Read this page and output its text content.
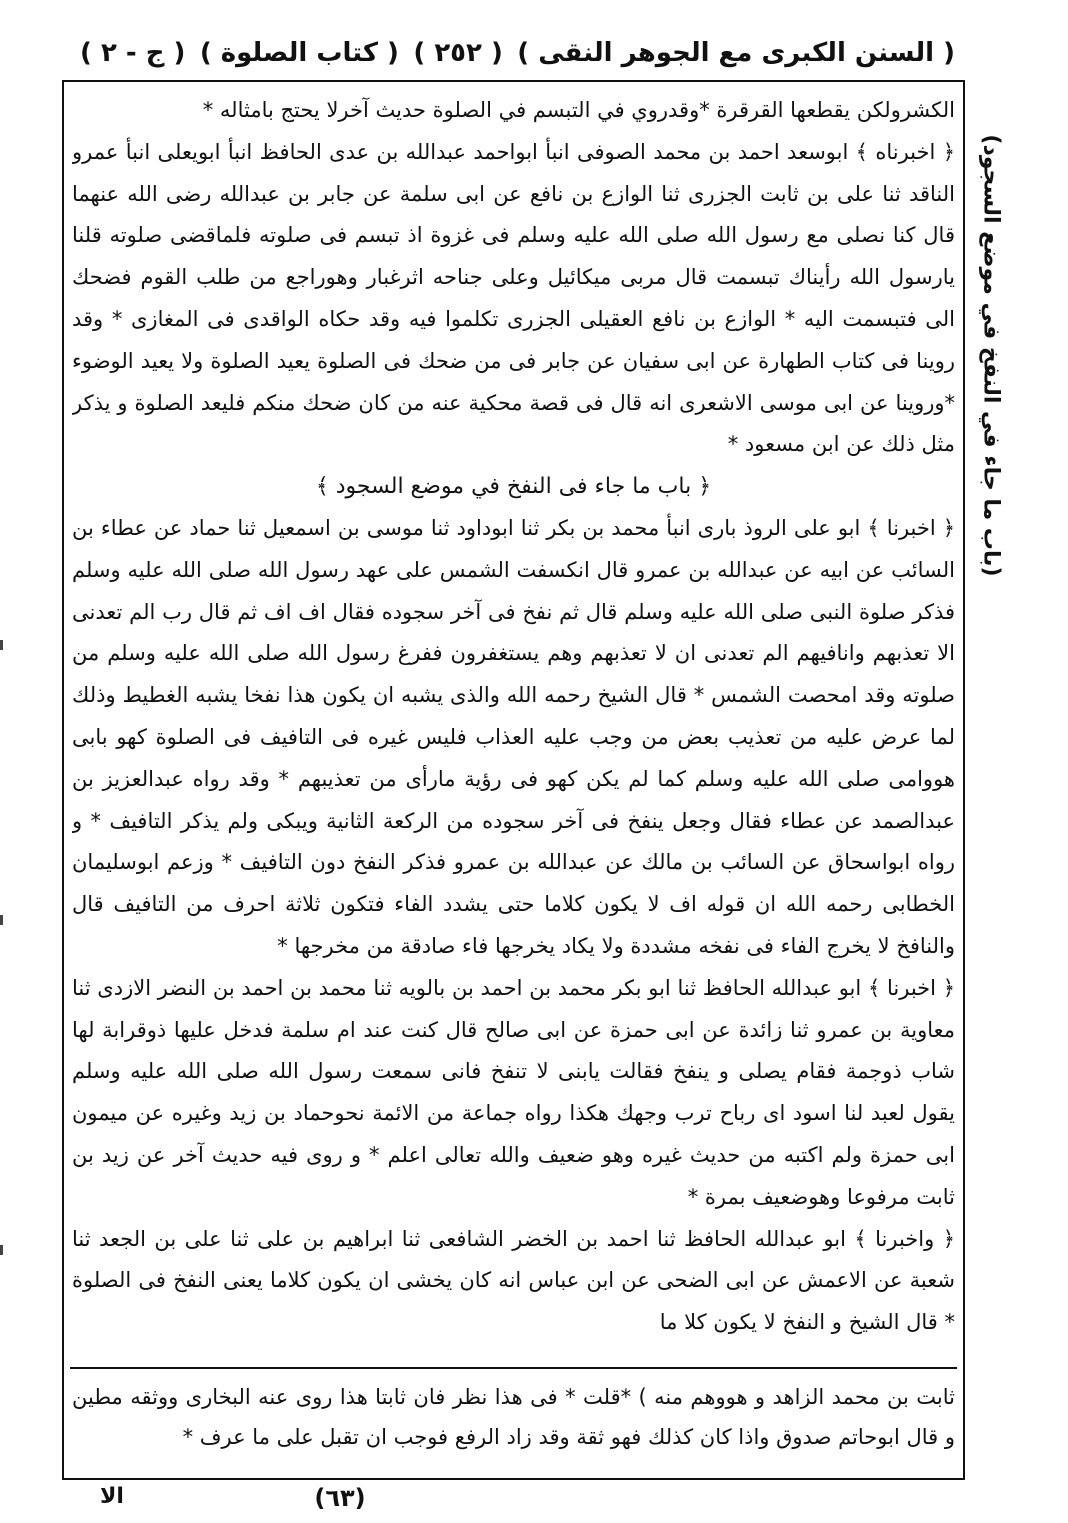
( السنن الكبرى مع الجوهر النقى )
( ٢٥٢ )
( كتاب الصلوة )
( ج - ٢ )

الكشرولكن يقطعها القرقرة *وقدروي في التبسم في الصلوة حديث آخرلا يحتج بامثاله *

﴿ اخبرناه ﴾ ابوسعد احمد بن محمد الصوفى انبأ ابواحمد عبدالله بن عدى الحافظ انبأ ابويعلى انبأ عمرو الناقد ثنا على بن ثابت الجزرى ثنا الوازع بن نافع عن ابى سلمة عن جابر بن عبدالله رضى الله عنهما قال كنا نصلى مع رسول الله صلى الله عليه وسلم فى غزوة اذ تبسم فى صلوته فلماقضى صلوته قلنا يارسول الله رأيناك تبسمت قال مربى ميكائيل وعلى جناحه اثرغبار وهوراجع من طلب القوم فضحك الى فتبسمت اليه * الوازع بن نافع العقيلى الجزرى تكلموا فيه وقد حكاه الواقدى فى المغازى * وقد روينا فى كتاب الطهارة عن ابى سفيان عن جابر فى من ضحك فى الصلوة يعيد الصلوة ولا يعيد الوضوء *وروينا عن ابى موسى الاشعرى انه قال فى قصة محكية عنه من كان ضحك منكم فليعد الصلوة و يذكر مثل ذلك عن ابن مسعود *

﴿ باب ما جاء فى النفخ في موضع السجود ﴾

﴿ اخبرنا ﴾ ابو على الروذ بارى انبأ محمد بن بكر ثنا ابوداود ثنا موسى بن اسمعيل ثنا حماد عن عطاء بن السائب عن ابيه عن عبدالله بن عمرو قال انكسفت الشمس على عهد رسول الله صلى الله عليه وسلم فذكر صلوة النبى صلى الله عليه وسلم قال ثم نفخ فى آخر سجوده فقال اف اف ثم قال رب الم تعدنى الا تعذبهم وانافيهم الم تعدنى ان لا تعذبهم وهم يستغفرون ففرغ رسول الله صلى الله عليه وسلم من صلوته وقد امحصت الشمس * قال الشيخ رحمه الله والذى يشبه ان يكون هذا نفخا يشبه الغطيط وذلك لما عرض عليه من تعذيب بعض من وجب عليه العذاب فليس غيره فى التافيف فى الصلوة كهو بابى هووامى صلى الله عليه وسلم كما لم يكن كهو فى رؤية مارأى من تعذيبهم * وقد رواه عبدالعزيز بن عبدالصمد عن عطاء فقال وجعل ينفخ فى آخر سجوده من الركعة الثانية ويبكى ولم يذكر التافيف * و رواه ابواسحاق عن السائب بن مالك عن عبدالله بن عمرو فذكر النفخ دون التافيف * وزعم ابوسليمان الخطابى رحمه الله ان قوله اف لا يكون كلاما حتى يشدد الفاء فتكون ثلاثة احرف من التافيف قال والنافخ لا يخرج الفاء فى نفخه مشددة ولا يكاد يخرجها فاء صادقة من مخرجها *

﴿ اخبرنا ﴾ ابو عبدالله الحافظ ثنا ابو بكر محمد بن احمد بن بالويه ثنا محمد بن احمد بن النضر الازدى ثنا معاوية بن عمرو ثنا زائدة عن ابى حمزة عن ابى صالح قال كنت عند ام سلمة فدخل عليها ذوقرابة لها شاب ذوجمة فقام يصلى و ينفخ فقالت يابنى لا تنفخ فانى سمعت رسول الله صلى الله عليه وسلم يقول لعبد لنا اسود اى رباح ترب وجهك هكذا رواه جماعة من الائمة نحوحماد بن زيد وغيره عن ميمون ابى حمزة ولم اكتبه من حديث غيره وهو ضعيف والله تعالى اعلم * و روى فيه حديث آخر عن زيد بن ثابت مرفوعا وهوضعيف بمرة *

﴿ واخبرنا ﴾ ابو عبدالله الحافظ ثنا احمد بن الخضر الشافعى ثنا ابراهيم بن على ثنا على بن الجعد ثنا شعبة عن الاعمش عن ابى الضحى عن ابن عباس انه كان يخشى ان يكون كلاما يعنى النفخ فى الصلوة * قال الشيخ و النفخ لا يكون كلا ما

ثابت بن محمد الزاهد و هووهم منه ) *قلت * فى هذا نظر فان ثابتا هذا روى عنه البخارى ووثقه مطين و قال ابوحاتم صدوق واذا كان كذلك فهو ثقة وقد زاد الرفع فوجب ان تقبل على ما عرف *

(باب ما جاء في النفخ في موضع السجود)
(٦٣)
الا
